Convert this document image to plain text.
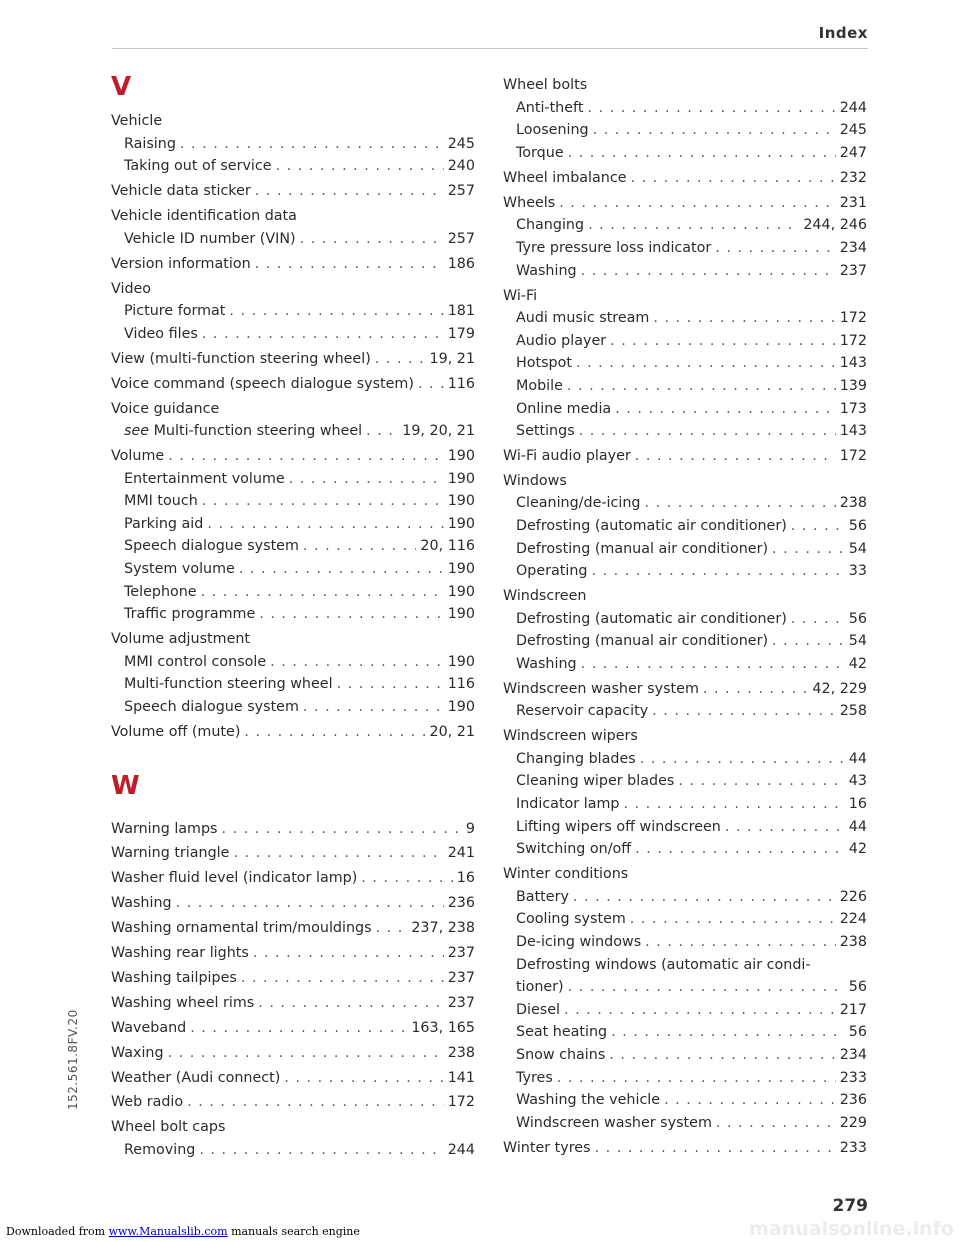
Index
V
Vehicle
Raising . . .	245
Taking out of service . . .	240
Vehicle data sticker . . .	257
Vehicle identification data
Vehicle ID number (VIN) . . .	257
Version information . . .	186
Video
Picture format . . .	181
Video files . . .	179
View (multi-function steering wheel) . . .	19, 21
Voice command (speech dialogue system) . . . 116
Voice guidance
see Multi-function steering wheel . . .	19, 20, 21
Volume . . .	190
Entertainment volume . . .	190
MMI touch . . .	190
Parking aid . . .	190
Speech dialogue system . . .	20, 116
System volume . . .	190
Telephone . . .	190
Traffic programme . . .	190
Volume adjustment
MMI control console . . .	190
Multi-function steering wheel . . .	116
Speech dialogue system . . .	190
Volume off (mute) . . .	20, 21
W
Warning lamps . . .	9
Warning triangle . . .	241
Washer fluid level (indicator lamp) . . .	16
Washing . . .	236
Washing ornamental trim/mouldings . . .	237, 238
Washing rear lights . . .	237
Washing tailpipes . . .	237
Washing wheel rims . . .	237
Waveband . . .	163, 165
Waxing . . .	238
Weather (Audi connect) . . .	141
Web radio . . .	172
Wheel bolt caps
Removing . . .	244
Wheel bolts
Anti-theft . . .	244
Loosening . . .	245
Torque . . .	247
Wheel imbalance . . .	232
Wheels . . .	231
Changing . . .	244, 246
Tyre pressure loss indicator . . .	234
Washing . . .	237
Wi-Fi
Audi music stream . . .	172
Audio player . . .	172
Hotspot . . .	143
Mobile . . .	139
Online media . . .	173
Settings . . .	143
Wi-Fi audio player . . .	172
Windows
Cleaning/de-icing . . .	238
Defrosting (automatic air conditioner) . . .	56
Defrosting (manual air conditioner) . . .	54
Operating . . .	33
Windscreen
Defrosting (automatic air conditioner) . . .	56
Defrosting (manual air conditioner) . . .	54
Washing . . .	42
Windscreen washer system . . .	42, 229
Reservoir capacity . . .	258
Windscreen wipers
Changing blades . . .	44
Cleaning wiper blades . . .	43
Indicator lamp . . .	16
Lifting wipers off windscreen . . .	44
Switching on/off . . .	42
Winter conditions
Battery . . .	226
Cooling system . . .	224
De-icing windows . . .	238
Defrosting windows (automatic air condi-
tioner) . . .	56
Diesel . . .	217
Seat heating . . .	56
Snow chains . . .	234
Tyres . . .	233
Washing the vehicle . . .	236
Windscreen washer system . . .	229
Winter tyres . . .	233
152.561.8FV.20
279
Downloaded from www.Manualslib.com manuals search engine	manualsonline.info
